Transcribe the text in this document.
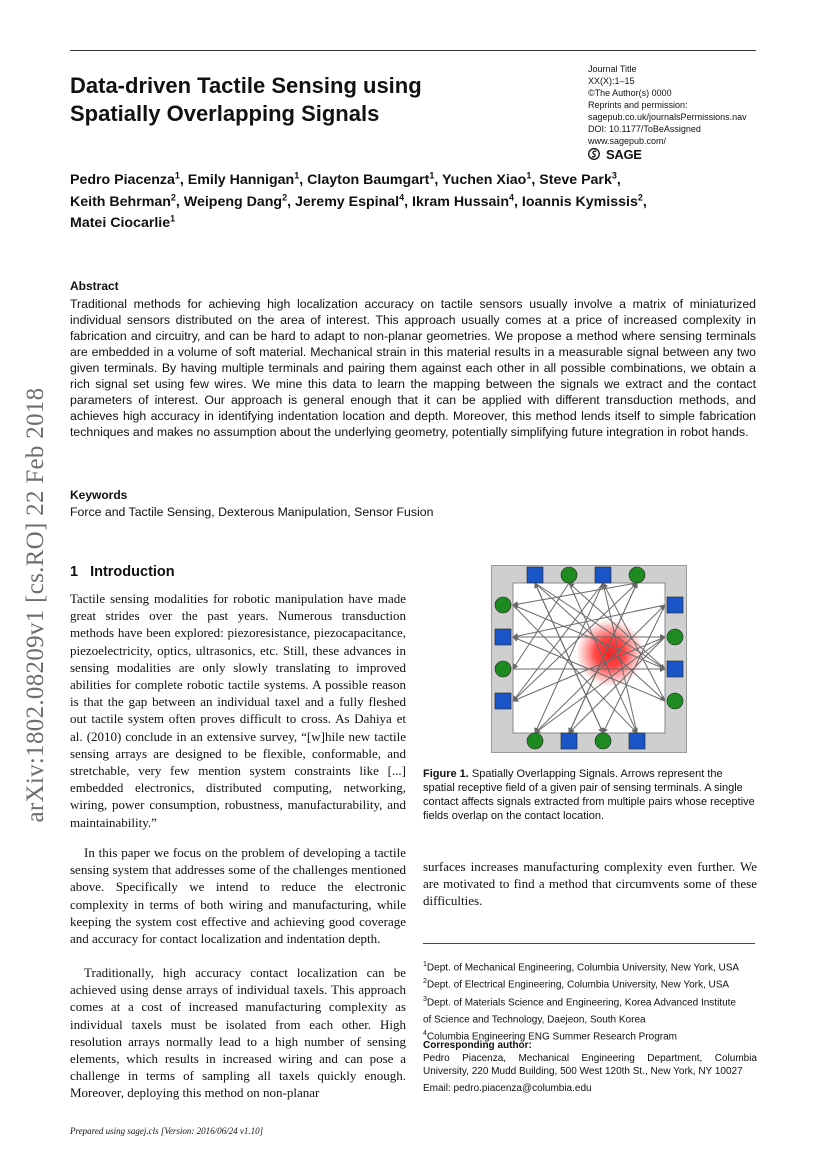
Data-driven Tactile Sensing using
Spatially Overlapping Signals
Journal Title
XX(X):1–15
©The Author(s) 0000
Reprints and permission:
sagepub.co.uk/journalsPermissions.nav
DOI: 10.1177/ToBeAssigned
www.sagepub.com/
SAGE
Pedro Piacenza$^1$, Emily Hannigan$^1$, Clayton Baumgart$^1$, Yuchen Xiao$^1$, Steve Park$^3$,
Keith Behrman$^2$, Weipeng Dang$^2$, Jeremy Espinal$^4$, Ikram Hussain$^4$, Ioannis Kymissis$^2$,
Matei Ciocarlie$^1$
Abstract
Traditional methods for achieving high localization accuracy on tactile sensors usually involve a matrix of miniaturized individual sensors distributed on the area of interest. This approach usually comes at a price of increased complexity in fabrication and circuitry, and can be hard to adapt to non-planar geometries. We propose a method where sensing terminals are embedded in a volume of soft material. Mechanical strain in this material results in a measurable signal between any two given terminals. By having multiple terminals and pairing them against each other in all possible combinations, we obtain a rich signal set using few wires. We mine this data to learn the mapping between the signals we extract and the contact parameters of interest. Our approach is general enough that it can be applied with different transduction methods, and achieves high accuracy in identifying indentation location and depth. Moreover, this method lends itself to simple fabrication techniques and makes no assumption about the underlying geometry, potentially simplifying future integration in robot hands.
Keywords
Force and Tactile Sensing, Dexterous Manipulation, Sensor Fusion
arXiv:1802.08209v1 [cs.RO] 22 Feb 2018 1 Introduction

Tactile sensing modalities for robotic manipulation have made great strides over the past years. Numerous transduction methods have been explored: piezoresistance, piezocapacitance, piezoelectricity, optics, ultrasonics, etc. Still, these advances in sensing modalities are only slowly translating to improved abilities for complete robotic tactile systems. A possible reason is that the gap between an individual taxel and a fully fleshed out tactile system often proves difficult to cross. As Dahiya et al. (2010) conclude in an extensive survey, “[w]hile new tactile sensing arrays are designed to be flexible, conformable, and stretchable, very few mention system constraints like [...] embedded electronics, distributed computing, networking, wiring, power consumption, robustness, manufacturability, and maintainability.”

In this paper we focus on the problem of developing a tactile sensing system that addresses some of the challenges mentioned above. Specifically we intend to reduce the electronic complexity in terms of both wiring and manufacturing, while keeping the system cost effective and achieving good coverage and accuracy for contact localization and indentation depth.

Traditionally, high accuracy contact localization can be achieved using dense arrays of individual taxels. This approach comes at a cost of increased manufacturing complexity as individual taxels must be isolated from each other. High resolution arrays normally lead to a high number of sensing elements, which results in increased wiring and can pose a challenge in terms of sampling all taxels quickly enough. Moreover, deploying this method on non-planar

Figure 1. Spatially Overlapping Signals. Arrows represent the spatial receptive field of a given pair of sensing terminals. A single contact affects signals extracted from multiple pairs whose receptive fields overlap on the contact location.
surfaces increases manufacturing complexity even further. We are motivated to find a method that circumvents some of these difficulties.
$^1$Dept. of Mechanical Engineering, Columbia University, New York, USA
$^2$Dept. of Electrical Engineering, Columbia University, New York, USA
$^3$Dept. of Materials Science and Engineering, Korea Advanced Institute
of Science and Technology, Daejeon, South Korea
$^4$Columbia Engineering ENG Summer Research Program
Corresponding author:
Pedro Piacenza, Mechanical Engineering Department, Columbia University, 220 Mudd Building, 500 West 120th St., New York, NY 10027
Email: pedro.piacenza@columbia.edu
Prepared using sagej.cls [Version: 2016/06/24 v1.10]
